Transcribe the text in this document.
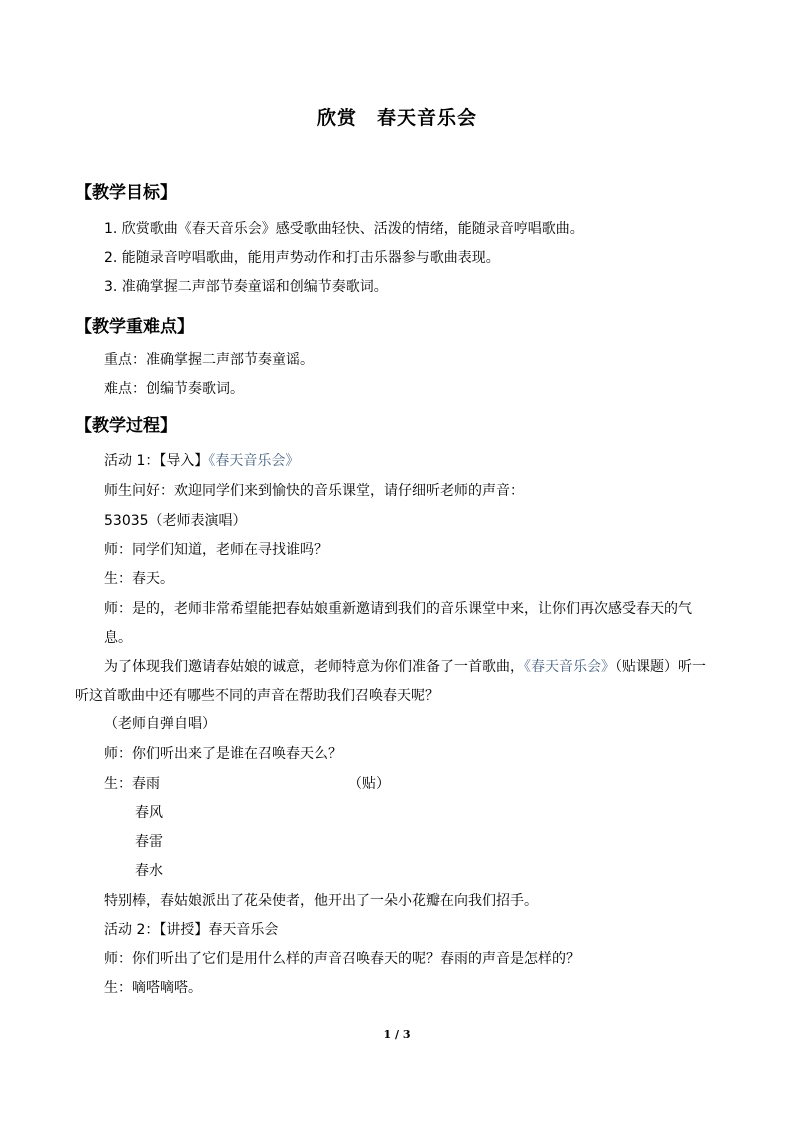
欣赏　春天音乐会
【教学目标】
1. 欣赏歌曲《春天音乐会》感受歌曲轻快、活泼的情绪，能随录音哼唱歌曲。
2. 能随录音哼唱歌曲，能用声势动作和打击乐器参与歌曲表现。
3. 准确掌握二声部节奏童谣和创编节奏歌词。
【教学重难点】
重点：准确掌握二声部节奏童谣。
难点：创编节奏歌词。
【教学过程】
活动 1：【导入】《春天音乐会》
师生问好：欢迎同学们来到愉快的音乐课堂，请仔细听老师的声音：
53035（老师表演唱）
师：同学们知道，老师在寻找谁吗？
生：春天。
师：是的，老师非常希望能把春姑娘重新邀请到我们的音乐课堂中来，让你们再次感受春天的气息。
为了体现我们邀请春姑娘的诚意，老师特意为你们准备了一首歌曲，《春天音乐会》（贴课题）听一听这首歌曲中还有哪些不同的声音在帮助我们召唤春天呢？
（老师自弹自唱）
师：你们听出来了是谁在召唤春天么？
生：春雨	（贴）
春风
春雷
春水
特别棒，春姑娘派出了花朵使者，他开出了一朵小花瓣在向我们招手。
活动 2：【讲授】春天音乐会
师：你们听出了它们是用什么样的声音召唤春天的呢？春雨的声音是怎样的？
生：嘀嗒嘀嗒。
1 / 3
